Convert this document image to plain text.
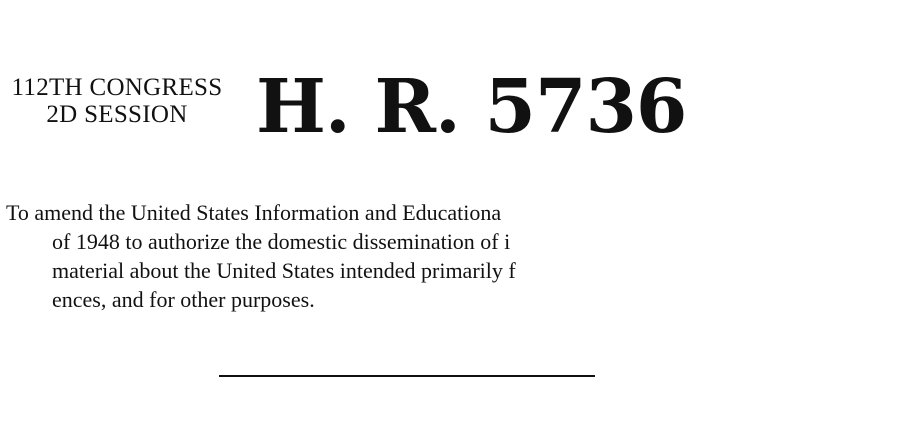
112TH CONGRESS
2D SESSION H. R. 5736
To amend the United States Information and Educationa
of 1948 to authorize the domestic dissemination of i
material about the United States intended primarily f
ences, and for other purposes.
